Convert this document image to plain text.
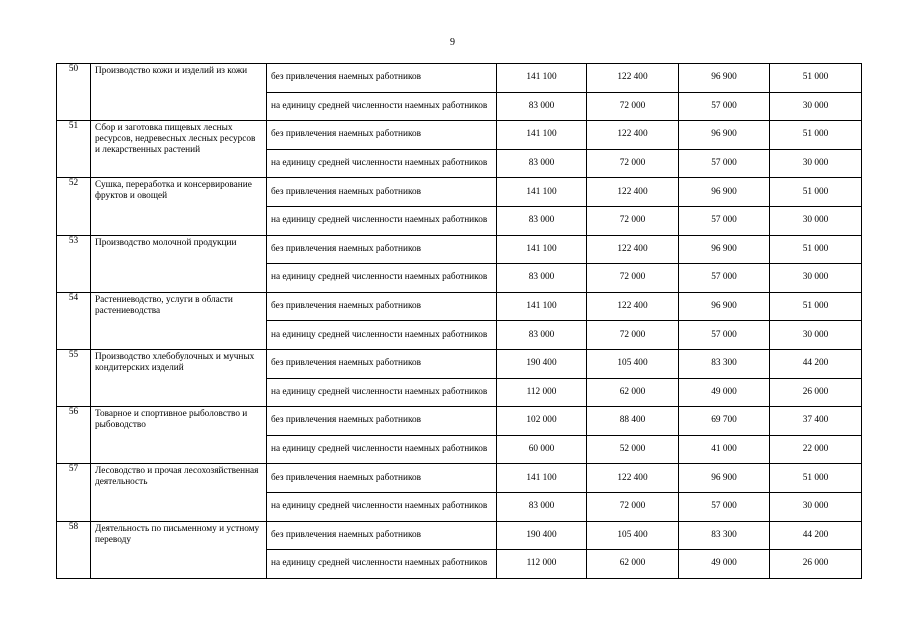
9
50	Производство кожи и изделий из кожи	без привлечения наемных работников	141 100	122 400	96 900	51 000
		на единицу средней численности наемных работников	83 000	72 000	57 000	30 000
51	Сбор и заготовка пищевых лесных ресурсов, недревесных лесных ресурсов и лекарственных растений	без привлечения наемных работников	141 100	122 400	96 900	51 000
		на единицу средней численности наемных работников	83 000	72 000	57 000	30 000
52	Сушка, переработка и консервирование фруктов и овощей	без привлечения наемных работников	141 100	122 400	96 900	51 000
		на единицу средней численности наемных работников	83 000	72 000	57 000	30 000
53	Производство молочной продукции	без привлечения наемных работников	141 100	122 400	96 900	51 000
		на единицу средней численности наемных работников	83 000	72 000	57 000	30 000
54	Растениеводство, услуги в области растениеводства	без привлечения наемных работников	141 100	122 400	96 900	51 000
		на единицу средней численности наемных работников	83 000	72 000	57 000	30 000
55	Производство хлебобулочных и мучных кондитерских изделий	без привлечения наемных работников	190 400	105 400	83 300	44 200
		на единицу средней численности наемных работников	112 000	62 000	49 000	26 000
56	Товарное и спортивное рыболовство и рыбоводство	без привлечения наемных работников	102 000	88 400	69 700	37 400
		на единицу средней численности наемных работников	60 000	52 000	41 000	22 000
57	Лесоводство и прочая лесохозяйственная деятельность	без привлечения наемных работников	141 100	122 400	96 900	51 000
		на единицу средней численности наемных работников	83 000	72 000	57 000	30 000
58	Деятельность по письменному и устному переводу	без привлечения наемных работников	190 400	105 400	83 300	44 200
		на единицу средней численности наемных работников	112 000	62 000	49 000	26 000
